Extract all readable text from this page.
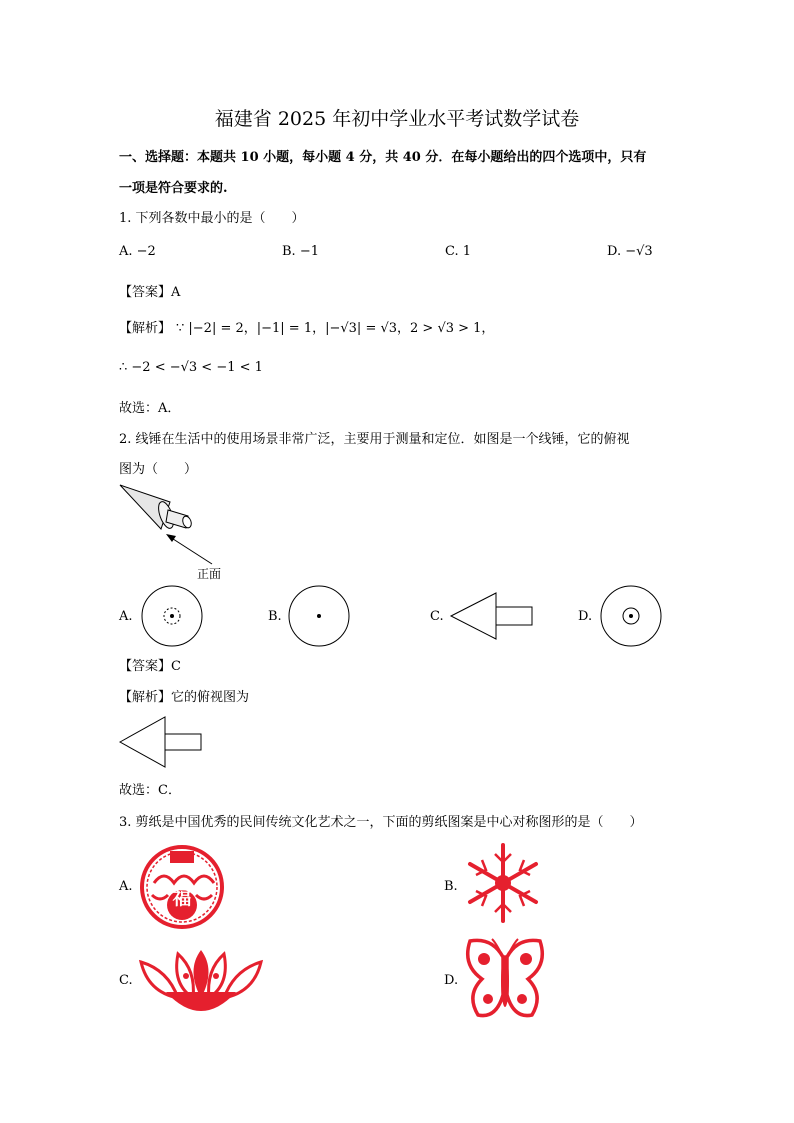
福建省 2025 年初中学业水平考试数学试卷
一、选择题：本题共 10 小题，每小题 4 分，共 40 分．在每小题给出的四个选项中，只有
一项是符合要求的.
1. 下列各数中最小的是（　　）
A. −2	B. −1	C. 1	D. −√3
【答案】A
【解析】 ∵ |−2| = 2，|−1| = 1，|−√3| = √3，2 > √3 > 1，
∴ −2 < −√3 < −1 < 1
故选：A．
2. 线锤在生活中的使用场景非常广泛，主要用于测量和定位．如图是一个线锤，它的俯视
图为（　　）
正面
A.	B.	C.	D.
【答案】C
【解析】它的俯视图为
故选：C．
3. 剪纸是中国优秀的民间传统文化艺术之一，下面的剪纸图案是中心对称图形的是（　　）
A.
福
B.
C.	D.
